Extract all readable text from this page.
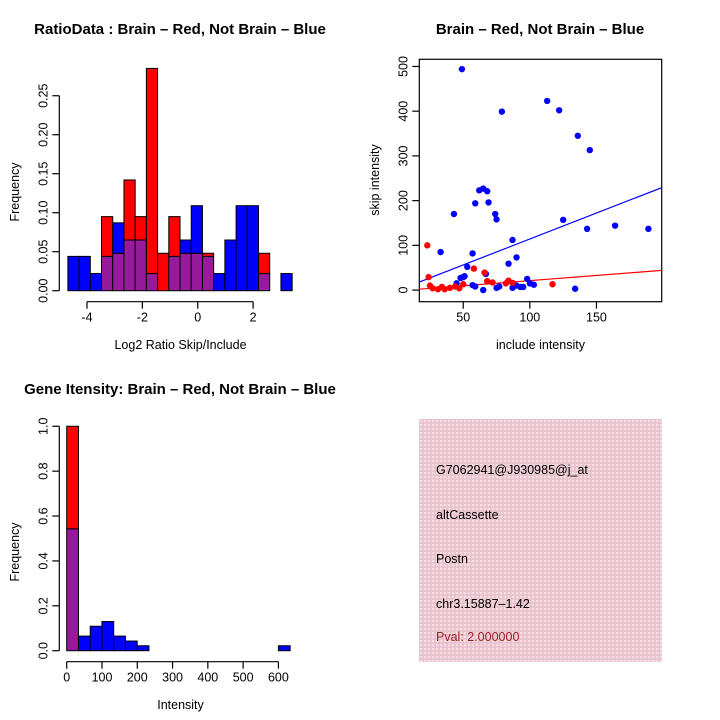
RatioData : Brain – Red, Not Brain – Blue
-4	-2	0	2
0.00
0.05
0.10
0.15
0.20
0.25
Log2 Ratio Skip/Include
Frequency
Brain – Red, Not Brain – Blue
50	100	150
0
100
200
300
400
500
include intensity
skip intensity
Gene Itensity: Brain – Red, Not Brain – Blue
0 100 200 300 400 500 600
0.0
0.2
0.4
0.6
0.8
1.0
Intensity
Frequency
G7062941@J930985@j_at
altCassette
Postn
chr3.15887–1.42
Pval: 2.000000
